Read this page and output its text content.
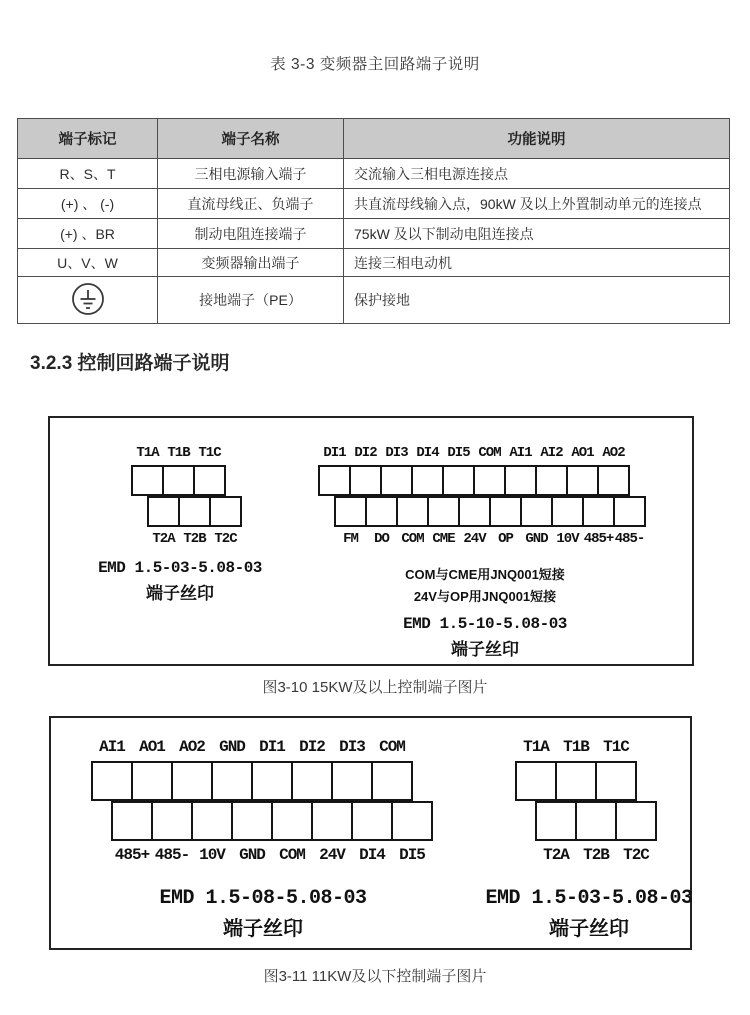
表 3-3 变频器主回路端子说明
端子标记	端子名称	功能说明
R、S、T	三相电源输入端子	交流输入三相电源连接点
(+) 、 (-)	直流母线正、负端子	共直流母线输入点，90kW 及以上外置制动单元的连接点
(+) 、BR	制动电阻连接端子	75kW 及以下制动电阻连接点
U、V、W	变频器输出端子	连接三相电动机
	接地端子（PE）	保护接地
3.2.3 控制回路端子说明
T1A T1B T1C
T2A T2B T2C
DI1 DI2 DI3 DI4 DI5 COM AI1 AI2 AO1 AO2
FM DO COM CME 24V OP GND 10V 485+485-
EMD 1.5-03-5.08-03
端子丝印
COM与CME用JNQ001短接
24V与OP用JNQ001短接
EMD 1.5-10-5.08-03
端子丝印
图3-10 15KW及以上控制端子图片
AI1 AO1 AO2 GND DI1 DI2 DI3 COM
485+ 485- 10V GND COM 24V DI4 DI5
T1A T1B T1C
T2A T2B T2C
EMD 1.5-08-5.08-03
端子丝印
EMD 1.5-03-5.08-03
端子丝印
图3-11 11KW及以下控制端子图片
